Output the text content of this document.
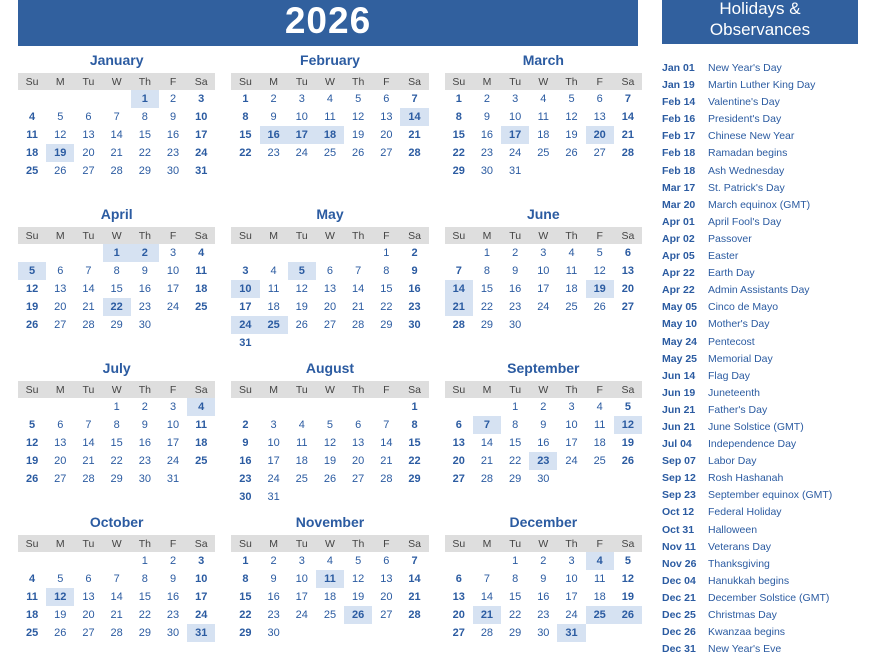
2026	Holidays &
Observances
January
Su	M	Tu	W	Th	F	Sa
				1	2	3
4	5	6	7	8	9	10
11	12	13	14	15	16	17
18	19	20	21	22	23	24
25	26	27	28	29	30	31
February
Su	M	Tu	W	Th	F	Sa
1	2	3	4	5	6	7
8	9	10	11	12	13	14
15	16	17	18	19	20	21
22	23	24	25	26	27	28
March
Su	M	Tu	W	Th	F	Sa
1	2	3	4	5	6	7
8	9	10	11	12	13	14
15	16	17	18	19	20	21
22	23	24	25	26	27	28
29	30	31				
April
Su	M	Tu	W	Th	F	Sa
			1	2	3	4
5	6	7	8	9	10	11
12	13	14	15	16	17	18
19	20	21	22	23	24	25
26	27	28	29	30		
May
Su	M	Tu	W	Th	F	Sa
					1	2
3	4	5	6	7	8	9
10	11	12	13	14	15	16
17	18	19	20	21	22	23
24	25	26	27	28	29	30
31						
June
Su	M	Tu	W	Th	F	Sa
	1	2	3	4	5	6
7	8	9	10	11	12	13
14	15	16	17	18	19	20
21	22	23	24	25	26	27
28	29	30				
July
Su	M	Tu	W	Th	F	Sa
			1	2	3	4
5	6	7	8	9	10	11
12	13	14	15	16	17	18
19	20	21	22	23	24	25
26	27	28	29	30	31	
August
Su	M	Tu	W	Th	F	Sa
						1
2	3	4	5	6	7	8
9	10	11	12	13	14	15
16	17	18	19	20	21	22
23	24	25	26	27	28	29
30	31					
September
Su	M	Tu	W	Th	F	Sa
		1	2	3	4	5
6	7	8	9	10	11	12
13	14	15	16	17	18	19
20	21	22	23	24	25	26
27	28	29	30			
October
Su	M	Tu	W	Th	F	Sa
				1	2	3
4	5	6	7	8	9	10
11	12	13	14	15	16	17
18	19	20	21	22	23	24
25	26	27	28	29	30	31
November
Su	M	Tu	W	Th	F	Sa
1	2	3	4	5	6	7
8	9	10	11	12	13	14
15	16	17	18	19	20	21
22	23	24	25	26	27	28
29	30					
December
Su	M	Tu	W	Th	F	Sa
		1	2	3	4	5
6	7	8	9	10	11	12
13	14	15	16	17	18	19
20	21	22	23	24	25	26
27	28	29	30	31		
Jan 01	New Year's Day
Jan 19	Martin Luther King Day
Feb 14	Valentine's Day
Feb 16	President's Day
Feb 17	Chinese New Year
Feb 18	Ramadan begins
Feb 18	Ash Wednesday
Mar 17	St. Patrick's Day
Mar 20	March equinox (GMT)
Apr 01	April Fool's Day
Apr 02	Passover
Apr 05	Easter
Apr 22	Earth Day
Apr 22	Admin Assistants Day
May 05	Cinco de Mayo
May 10	Mother's Day
May 24	Pentecost
May 25	Memorial Day
Jun 14	Flag Day
Jun 19	Juneteenth
Jun 21	Father's Day
Jun 21	June Solstice (GMT)
Jul 04	Independence Day
Sep 07	Labor Day
Sep 12	Rosh Hashanah
Sep 23	September equinox (GMT)
Oct 12	Federal Holiday
Oct 31	Halloween
Nov 11	Veterans Day
Nov 26	Thanksgiving
Dec 04	Hanukkah begins
Dec 21	December Solstice (GMT)
Dec 25	Christmas Day
Dec 26	Kwanzaa begins
Dec 31	New Year's Eve
